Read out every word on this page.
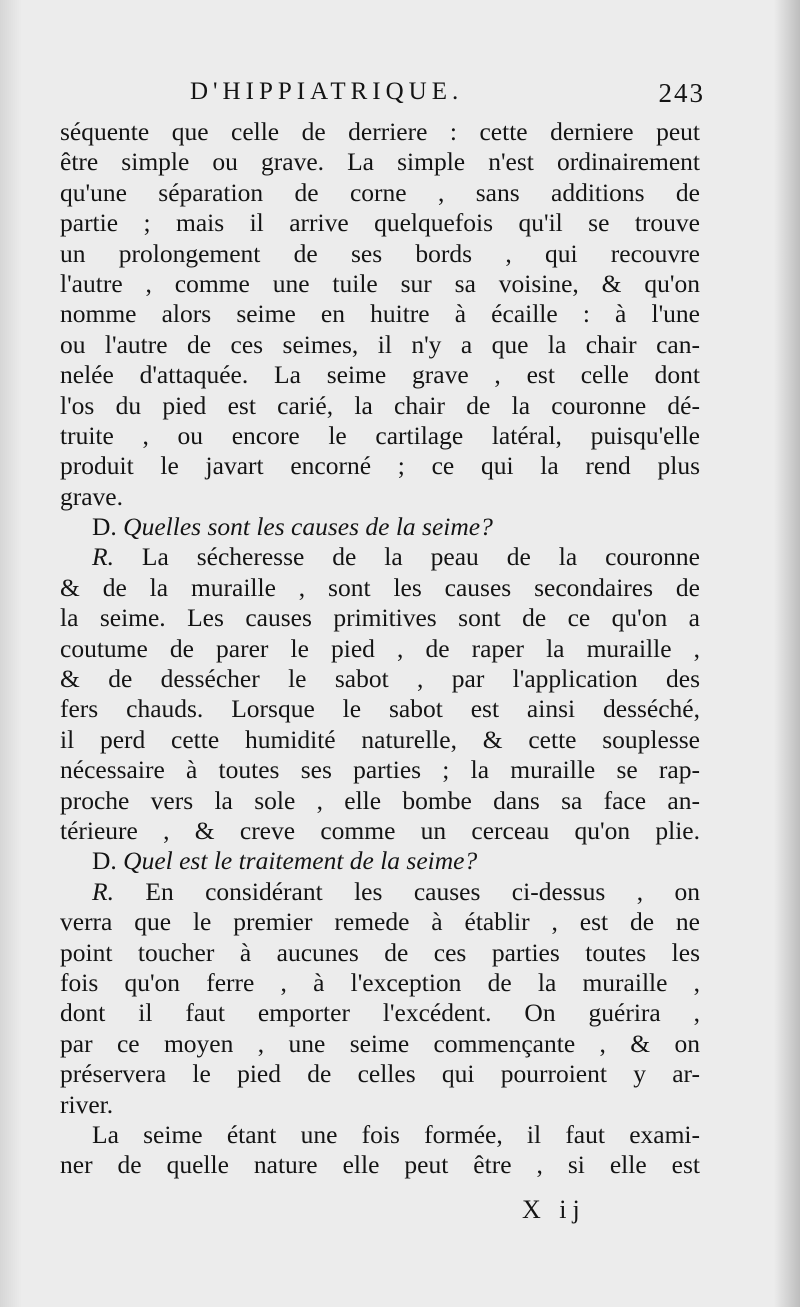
D'HIPPIATRIQUE.	243
séquente que celle de derriere : cette derniere peut
être simple ou grave. La simple n'est ordinairement
qu'une séparation de corne , sans additions de
partie ; mais il arrive quelquefois qu'il se trouve
un prolongement de ses bords , qui recouvre
l'autre , comme une tuile sur sa voisine, & qu'on
nomme alors seime en huitre à écaille : à l'une
ou l'autre de ces seimes, il n'y a que la chair can-
nelée d'attaquée. La seime grave , est celle dont
l'os du pied est carié, la chair de la couronne dé-
truite , ou encore le cartilage latéral, puisqu'elle
produit le javart encorné ; ce qui la rend plus
grave.
D. Quelles sont les causes de la seime?
R. La sécheresse de la peau de la couronne
& de la muraille , sont les causes secondaires de
la seime. Les causes primitives sont de ce qu'on a
coutume de parer le pied , de raper la muraille ,
& de dessécher le sabot , par l'application des
fers chauds. Lorsque le sabot est ainsi desséché,
il perd cette humidité naturelle, & cette souplesse
nécessaire à toutes ses parties ; la muraille se rap-
proche vers la sole , elle bombe dans sa face an-
térieure , & creve comme un cerceau qu'on plie.
D. Quel est le traitement de la seime?
R. En considérant les causes ci-dessus , on
verra que le premier remede à établir , est de ne
point toucher à aucunes de ces parties toutes les
fois qu'on ferre , à l'exception de la muraille ,
dont il faut emporter l'excédent. On guérira ,
par ce moyen , une seime commençante , & on
préservera le pied de celles qui pourroient y ar-
river.
La seime étant une fois formée, il faut exami-
ner de quelle nature elle peut être , si elle est
X ij
